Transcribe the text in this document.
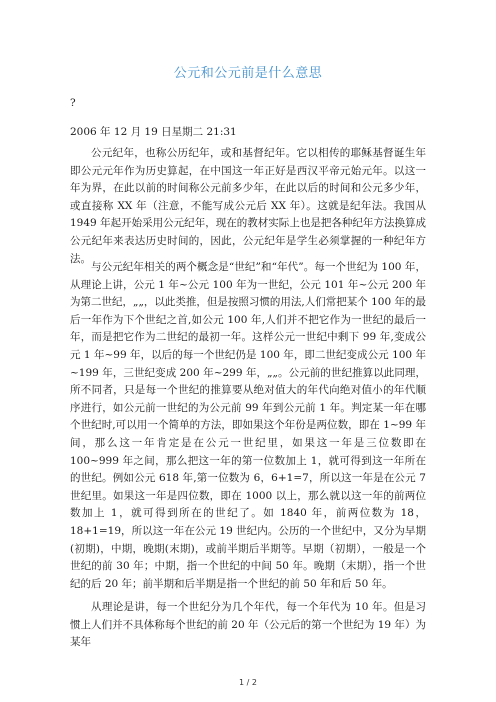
公元和公元前是什么意思
?
2006 年 12 月 19 日星期二 21:31

公元纪年，也称公历纪年，或和基督纪年。它以相传的耶稣基督诞生年即公元元年作为历史算起，在中国这一年正好是西汉平帝元始元年。以这一年为界，在此以前的时间称公元前多少年，在此以后的时间和公元多少年，或直接称 XX 年（注意，不能写成公元后 XX 年）。这就是纪年法。我国从 1949 年起开始采用公元纪年，现在的教材实际上也是把各种纪年方法换算成公元纪年来表达历史时间的，因此，公元纪年是学生必须掌握的一种纪年方法。

与公元纪年相关的两个概念是“世纪”和“年代”。每一个世纪为 100 年，从理论上讲，公元 1 年~公元 100 年为一世纪，公元 101 年~公元 200 年为第二世纪，„„，以此类推，但是按照习惯的用法,人们常把某个 100 年的最后一年作为下个世纪之首,如公元 100 年,人们并不把它作为一世纪的最后一年，而是把它作为二世纪的最初一年。这样公元一世纪中剩下 99 年,变成公元 1 年~99 年，以后的每一个世纪仍是 100 年，即二世纪变成公元 100 年~199 年，三世纪变成 200 年~299 年，„„。公元前的世纪推算以此同理，所不同者，只是每一个世纪的推算要从绝对值大的年代向绝对值小的年代顺序进行，如公元前一世纪的为公元前 99 年到公元前 1 年。判定某一年在哪个世纪时,可以用一个简单的方法，即如果这个年份是两位数，即在 1~99 年间，那么这一年肯定是在公元一世纪里，如果这一年是三位数即在 100~999 年之间，那么把这一年的第一位数加上 1，就可得到这一年所在的世纪。例如公元 618 年,第一位数为 6，6+1=7，所以这一年是在公元 7 世纪里。如果这一年是四位数，即在 1000 以上，那么就以这一年的前两位数加上 1，就可得到所在的世纪了。如 1840 年，前两位数为 18，18+1=19，所以这一年在公元 19 世纪内。公历的一个世纪中，又分为早期(初期)，中期，晚期(末期)，或前半期后半期等。早期（初期），一般是一个世纪的前 30 年；中期，指一个世纪的中间 50 年。晚期（末期），指一个世纪的后 20 年；前半期和后半期是指一个世纪的前 50 年和后 50 年。

从理论是讲，每一个世纪分为几个年代，每一个年代为 10 年。但是习惯上人们并不具体称每个世纪的前 20 年（公元后的第一个世纪为 19 年）为某年

1 / 2
